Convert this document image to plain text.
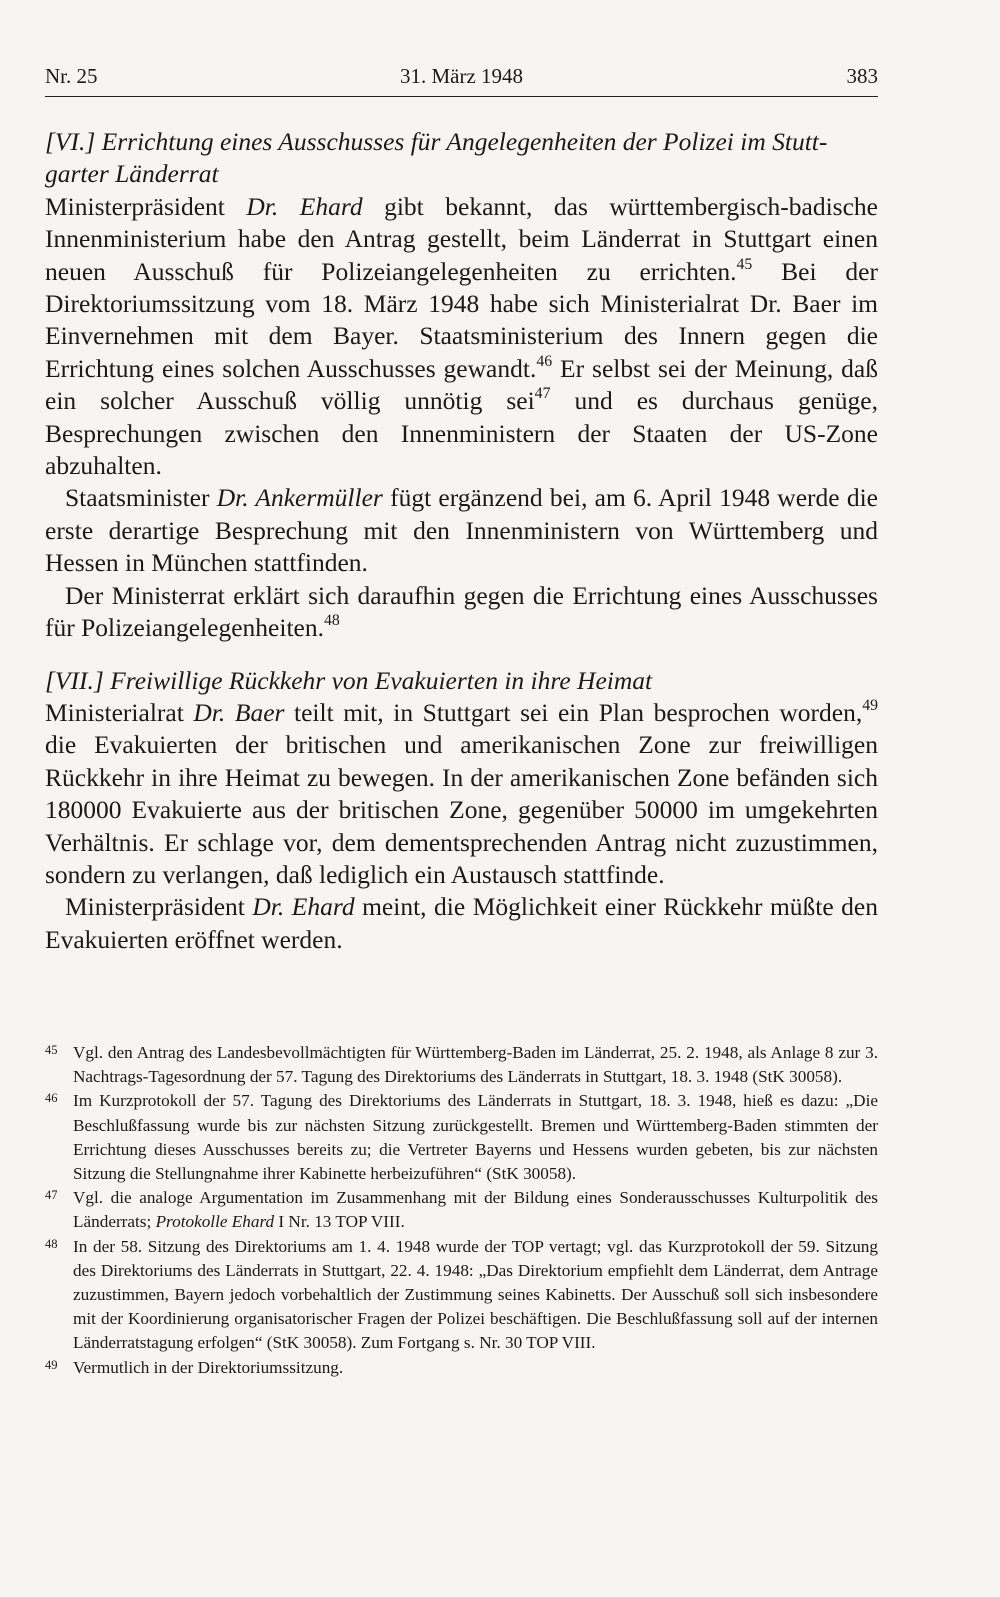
Nr. 25	31. März 1948	383

[VI.] Errichtung eines Ausschusses für Angelegenheiten der Polizei im Stutt-
garter Länderrat

Ministerpräsident Dr. Ehard gibt bekannt, das württembergisch-badische Innenministerium habe den Antrag gestellt, beim Länderrat in Stuttgart einen neuen Ausschuß für Polizeiangelegenheiten zu errichten.$^{45}$ Bei der Direktoriumssitzung vom 18. März 1948 habe sich Ministerialrat Dr. Baer im Einvernehmen mit dem Bayer. Staatsministerium des Innern gegen die Errichtung eines solchen Ausschusses gewandt.$^{46}$ Er selbst sei der Meinung, daß ein solcher Ausschuß völlig unnötig sei$^{47}$ und es durchaus genüge, Besprechungen zwischen den Innenministern der Staaten der US-Zone abzuhalten.

Staatsminister Dr. Ankermüller fügt ergänzend bei, am 6. April 1948 werde die erste derartige Besprechung mit den Innenministern von Württemberg und Hessen in München stattfinden.

Der Ministerrat erklärt sich daraufhin gegen die Errichtung eines Ausschusses für Polizeiangelegenheiten.$^{48}$

[VII.] Freiwillige Rückkehr von Evakuierten in ihre Heimat

Ministerialrat Dr. Baer teilt mit, in Stuttgart sei ein Plan besprochen worden,$^{49}$ die Evakuierten der britischen und amerikanischen Zone zur freiwilligen Rückkehr in ihre Heimat zu bewegen. In der amerikanischen Zone befänden sich 180000 Evakuierte aus der britischen Zone, gegenüber 50000 im umgekehrten Verhältnis. Er schlage vor, dem dementsprechenden Antrag nicht zuzustimmen, sondern zu verlangen, daß lediglich ein Austausch stattfinde.

Ministerpräsident Dr. Ehard meint, die Möglichkeit einer Rückkehr müßte den Evakuierten eröffnet werden.

45 Vgl. den Antrag des Landesbevollmächtigten für Württemberg-Baden im Länderrat, 25. 2. 1948, als Anlage 8 zur 3. Nachtrags-Tagesordnung der 57. Tagung des Direktoriums des Länderrats in Stuttgart, 18. 3. 1948 (StK 30058).
46 Im Kurzprotokoll der 57. Tagung des Direktoriums des Länderrats in Stuttgart, 18. 3. 1948, hieß es dazu: „Die Beschlußfassung wurde bis zur nächsten Sitzung zurückgestellt. Bremen und Württemberg-Baden stimmten der Errichtung dieses Ausschusses bereits zu; die Vertreter Bayerns und Hessens wurden gebeten, bis zur nächsten Sitzung die Stellungnahme ihrer Kabinette herbeizuführen“ (StK 30058).
47 Vgl. die analoge Argumentation im Zusammenhang mit der Bildung eines Sonderausschusses Kulturpolitik des Länderrats; Protokolle Ehard I Nr. 13 TOP VIII.
48 In der 58. Sitzung des Direktoriums am 1. 4. 1948 wurde der TOP vertagt; vgl. das Kurzprotokoll der 59. Sitzung des Direktoriums des Länderrats in Stuttgart, 22. 4. 1948: „Das Direktorium empfiehlt dem Länderrat, dem Antrage zuzustimmen, Bayern jedoch vorbehaltlich der Zustimmung seines Kabinetts. Der Ausschuß soll sich insbesondere mit der Koordinierung organisatorischer Fragen der Polizei beschäftigen. Die Beschlußfassung soll auf der internen Länderratstagung erfolgen“ (StK 30058). Zum Fortgang s. Nr. 30 TOP VIII.
49 Vermutlich in der Direktoriumssitzung.
